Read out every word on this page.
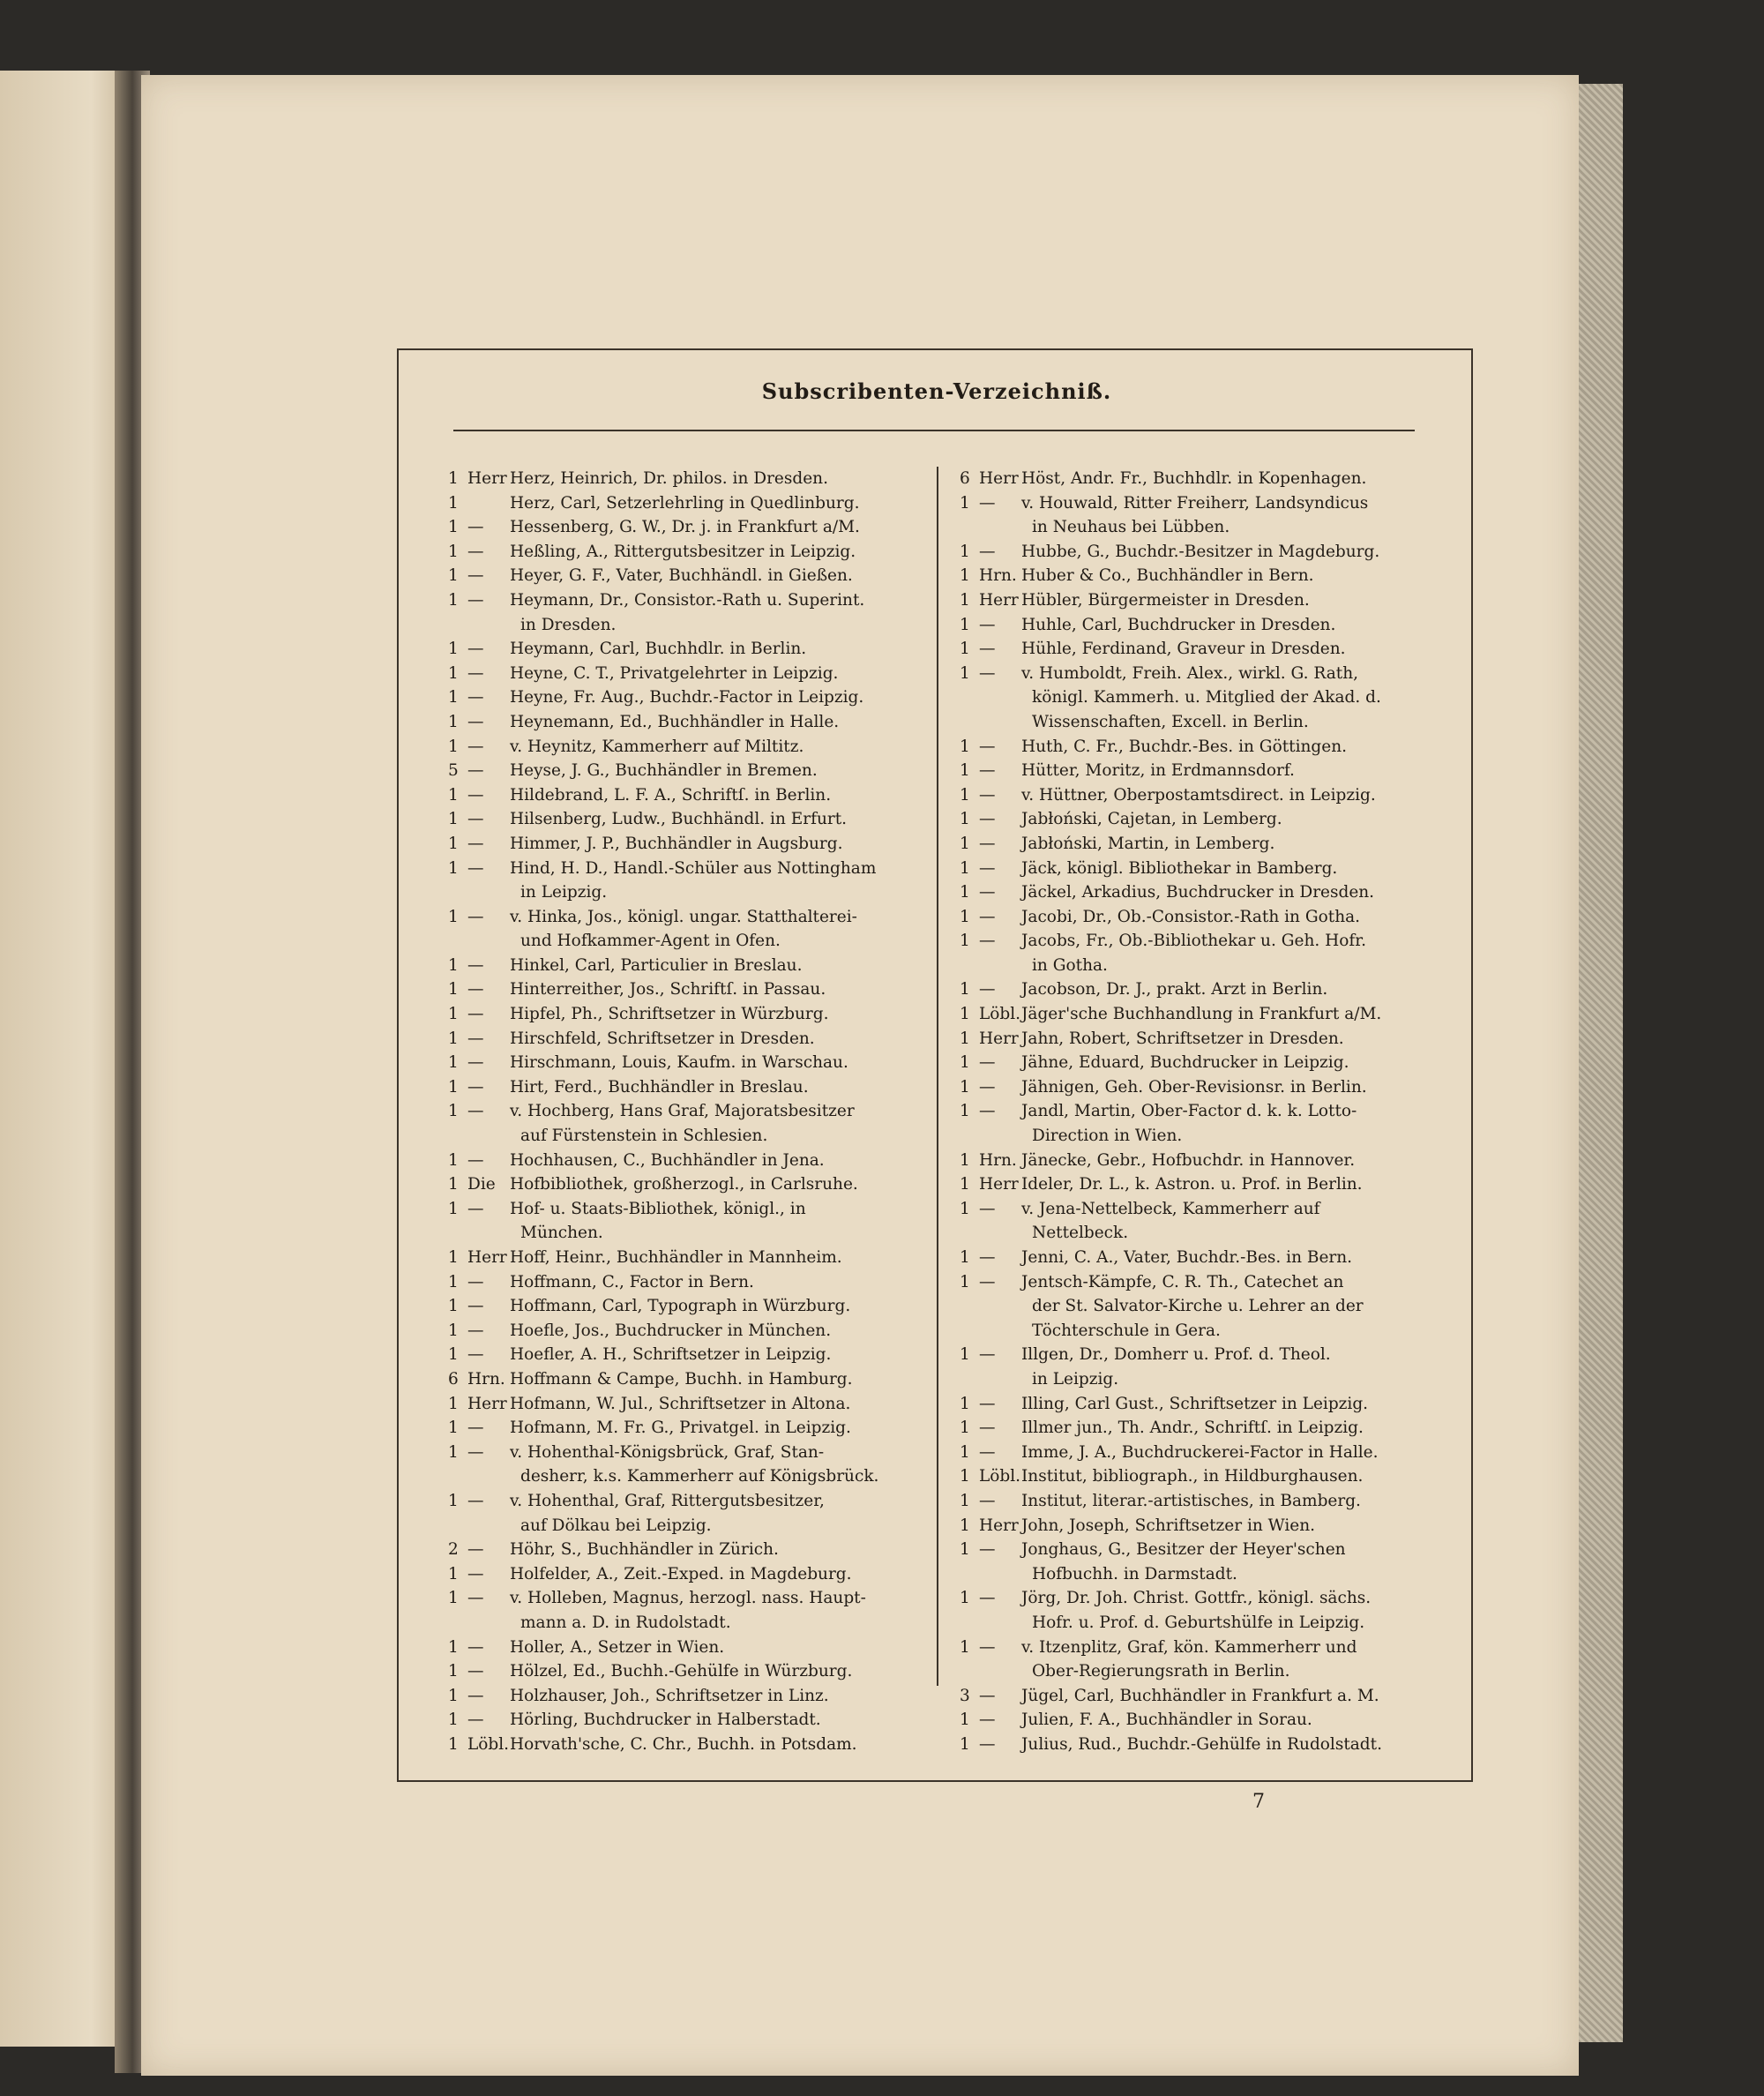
Subscribenten-Verzeichniß.
1 Herr Herz, Heinrich, Dr. philos. in Dresden.
1	Herz, Carl, Setzerlehrling in Quedlinburg.
1 — Hessenberg, G. W., Dr. j. in Frankfurt a/M.
1 — Heßling, A., Rittergutsbesitzer in Leipzig.
1 — Heyer, G. F., Vater, Buchhändl. in Gießen.
1 — Heymann, Dr., Consistor.-Rath u. Superint.
in Dresden.
1 — Heymann, Carl, Buchhdlr. in Berlin.
1 — Heyne, C. T., Privatgelehrter in Leipzig.
1 — Heyne, Fr. Aug., Buchdr.-Factor in Leipzig.
1 — Heynemann, Ed., Buchhändler in Halle.
1 — v. Heynitz, Kammerherr auf Miltitz.
5 — Heyse, J. G., Buchhändler in Bremen.
1 — Hildebrand, L. F. A., Schriftſ. in Berlin.
1 — Hilsenberg, Ludw., Buchhändl. in Erfurt.
1 — Himmer, J. P., Buchhändler in Augsburg.
1 — Hind, H. D., Handl.-Schüler aus Nottingham
in Leipzig.
1 — v. Hinka, Jos., königl. ungar. Statthalterei-
und Hofkammer-Agent in Ofen.
1 — Hinkel, Carl, Particulier in Breslau.
1 — Hinterreither, Jos., Schriftſ. in Passau.
1 — Hipfel, Ph., Schriftsetzer in Würzburg.
1 — Hirschfeld, Schriftsetzer in Dresden.
1 — Hirschmann, Louis, Kaufm. in Warschau.
1 — Hirt, Ferd., Buchhändler in Breslau.
1 — v. Hochberg, Hans Graf, Majoratsbesitzer
auf Fürstenstein in Schlesien.
1 — Hochhausen, C., Buchhändler in Jena.
1 Die Hofbibliothek, großherzogl., in Carlsruhe.
1 — Hof- u. Staats-Bibliothek, königl., in
München.
1 Herr Hoff, Heinr., Buchhändler in Mannheim.
1 — Hoffmann, C., Factor in Bern.
1 — Hoffmann, Carl, Typograph in Würzburg.
1 — Hoefle, Jos., Buchdrucker in München.
1 — Hoefler, A. H., Schriftsetzer in Leipzig.
6 Hrn. Hoffmann & Campe, Buchh. in Hamburg.
1 Herr Hofmann, W. Jul., Schriftsetzer in Altona.
1 — Hofmann, M. Fr. G., Privatgel. in Leipzig.
1 — v. Hohenthal-Königsbrück, Graf, Stan-
desherr, k.s. Kammerherr auf Königsbrück.
1 — v. Hohenthal, Graf, Rittergutsbesitzer,
auf Dölkau bei Leipzig.
2 — Höhr, S., Buchhändler in Zürich.
1 — Holfelder, A., Zeit.-Exped. in Magdeburg.
1 — v. Holleben, Magnus, herzogl. nass. Haupt-
mann a. D. in Rudolstadt.
1 — Holler, A., Setzer in Wien.
1 — Hölzel, Ed., Buchh.-Gehülfe in Würzburg.
1 — Holzhauser, Joh., Schriftsetzer in Linz.
1 — Hörling, Buchdrucker in Halberstadt.
1 Löbl.Horvath'sche, C. Chr., Buchh. in Potsdam.
6 Herr Höst, Andr. Fr., Buchhdlr. in Kopenhagen.
1 — v. Houwald, Ritter Freiherr, Landsyndicus
in Neuhaus bei Lübben.
1 — Hubbe, G., Buchdr.-Besitzer in Magdeburg.
1 Hrn. Huber & Co., Buchhändler in Bern.
1 Herr Hübler, Bürgermeister in Dresden.
1 — Huhle, Carl, Buchdrucker in Dresden.
1 — Hühle, Ferdinand, Graveur in Dresden.
1 — v. Humboldt, Freih. Alex., wirkl. G. Rath,
königl. Kammerh. u. Mitglied der Akad. d. Wissenschaften, Excell. in Berlin.
1 — Huth, C. Fr., Buchdr.-Bes. in Göttingen.
1 — Hütter, Moritz, in Erdmannsdorf.
1 — v. Hüttner, Oberpostamtsdirect. in Leipzig.
1 — Jabłoński, Cajetan, in Lemberg.
1 — Jabłoński, Martin, in Lemberg.
1 — Jäck, königl. Bibliothekar in Bamberg.
1 — Jäckel, Arkadius, Buchdrucker in Dresden.
1 — Jacobi, Dr., Ob.-Consistor.-Rath in Gotha.
1 — Jacobs, Fr., Ob.-Bibliothekar u. Geh. Hofr.
in Gotha.
1 — Jacobson, Dr. J., prakt. Arzt in Berlin.
1 Löbl.Jäger'sche Buchhandlung in Frankfurt a/M.
1 Herr Jahn, Robert, Schriftsetzer in Dresden.
1 — Jähne, Eduard, Buchdrucker in Leipzig.
1 — Jähnigen, Geh. Ober-Revisionsr. in Berlin.
1 — Jandl, Martin, Ober-Factor d. k. k. Lotto-
Direction in Wien.
1 Hrn. Jänecke, Gebr., Hofbuchdr. in Hannover.
1 Herr Ideler, Dr. L., k. Astron. u. Prof. in Berlin.
1 — v. Jena-Nettelbeck, Kammerherr auf
Nettelbeck.
1 — Jenni, C. A., Vater, Buchdr.-Bes. in Bern.
1 — Jentsch-Kämpfe, C. R. Th., Catechet an
der St. Salvator-Kirche u. Lehrer an der Töchterschule in Gera.
1 — Illgen, Dr., Domherr u. Prof. d. Theol.
in Leipzig.
1 — Illing, Carl Gust., Schriftsetzer in Leipzig.
1 — Illmer jun., Th. Andr., Schriftſ. in Leipzig.
1 — Imme, J. A., Buchdruckerei-Factor in Halle.
1 Löbl.Institut, bibliograph., in Hildburghausen.
1 — Institut, literar.-artistisches, in Bamberg.
1 Herr John, Joseph, Schriftsetzer in Wien.
1 — Jonghaus, G., Besitzer der Heyer'schen
Hofbuchh. in Darmstadt.
1 — Jörg, Dr. Joh. Christ. Gottfr., königl. sächs.
Hofr. u. Prof. d. Geburtshülfe in Leipzig.
1 — v. Itzenplitz, Graf, kön. Kammerherr und
Ober-Regierungsrath in Berlin.
3 — Jügel, Carl, Buchhändler in Frankfurt a. M.
1 — Julien, F. A., Buchhändler in Sorau.
1 — Julius, Rud., Buchdr.-Gehülfe in Rudolstadt.
7
